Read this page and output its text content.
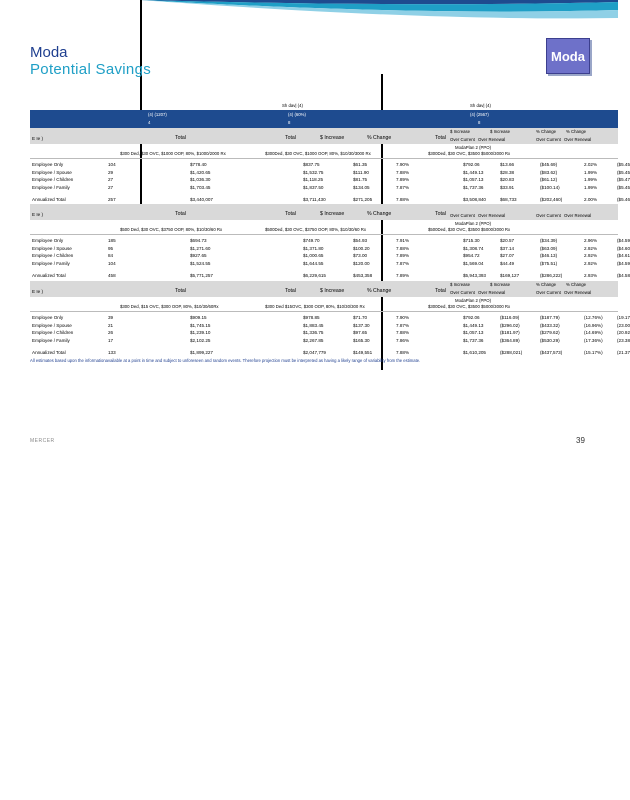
Moda
Potential Savings
Moda
Sh dav| (4)	Sh dav| (4)
(4) (1207)	(4) (60%)	(4) (2567)
4	8	8
E Ie )	Total	Total	$ Increase	% Change	Total
$ Increase	$ Increase	% Change % Change
Over Current Over Renewal	Over Current Over Renewal
ModaPlan 2 (PPO)
$300 Ded, $30 OVC, $1000 OOP, 80%, $1000/2000 Rx	$300Ded, $30 OVC, $1000 OOP, 80%, $10/30/3000 Rx	$300Ded, $30 OVC, $3500 $5000/3000 Rx
Employee Only	104	$778.40	$837.75	$61.35	7.90%	$792.06	$13.66	($45.69)	2.02%	($5.45
Employee / Spouse	29	$1,420.65	$1,532.75	$111.90	7.88%	$1,449.13	$28.38	($83.62)	1.99%	($5.45
Employee / Children	27	$1,036.30	$1,118.25	$81.75	7.89%	$1,057.13	$20.83	($61.12)	1.99%	($5.47
Employee / Family	27	$1,703.45	$1,837.50	$134.05	7.87%	$1,737.36	$33.91	($100.14)	1.99%	($5.45
Annualized Total	257	$3,440,007	$3,711,430	$271,205	7.88%	$3,508,840	$68,733	($202,460)	2.00%	($5.46
E Ie )	Total	Total	$ Increase	% Change	Total Over Current Over Renewal	Over Current Over Renewal
ModaPlan 2 (PPO)
$500 Ded, $30 OVC, $3750 OOP, 80%, $10/30/60 Rx	$500Ded, $30 OVC, $3750 OOP, 80%, $10/30/60 Rx	$500Ded, $30 OVC, $3500 $5000/3000 Rx
Employee Only	185	$694.73	$749.70	$54.93	7.91%	$715.30	$20.57	($34.39)	2.96%	($4.59
Employee / Spouse	95	$1,271.60	$1,371.80	$100.20	7.88%	$1,308.74	$37.14	($63.09)	2.92%	($4.60
Employee / Children	84	$927.65	$1,000.65	$73.00	7.89%	$954.72	$27.07	($46.13)	2.92%	($4.61
Employee / Family	104	$1,524.55	$1,644.55	$120.00	7.87%	$1,569.04	$44.49	($75.51)	2.92%	($4.59
Annualized Total	458	$5,771,257	$6,229,615	$453,358	7.89%	$5,943,393	$169,127	($286,222)	2.93%	($4.58
E Ie )	Total	Total	$ Increase	% Change	Total
$ Increase	$ Increase	% Change % Change
Over Current Over Renewal	Over Current Over Renewal
ModaPlan 2 (PPO)
$300 Ded, $15 OVC, $300 OOP, 80%, $10/30/60Rx	$300 Ded $15OVC, $300 OOP, 80%, $10/30/300 Rx	$300Ded, $30 OVC, $3500 $5000/3000 Rx
Employee Only	39	$909.15	$978.85	$71.70	7.90%	$792.06	($116.09)	($187.79)	(12.76%)	(19.17
Employee / Spouse	21	$1,745.15	$1,883.45	$137.30	7.87%	$1,449.13	($296.02)	($433.32)	(16.96%)	(23.00
Employee / Children	26	$1,239.10	$1,336.75	$97.65	7.88%	$1,057.13	($181.97)	($279.62)	(14.69%)	(20.92
Employee / Family	17	$2,102.25	$2,267.85	$165.30	7.86%	$1,737.36	($364.89)	($530.29)	(17.36%)	(23.38
Annualized Total	133	$1,899,227	$2,047,779	$149,551	7.88%	$1,610,205	($288,021)	($437,573)	(15.17%)	(21.37
All estimates based upon the informationavailable at a point in time and subject to unforeseen and random events. Therefore projection must be interpreted as having a likely range of variability from the estimate.
MERCER	39
